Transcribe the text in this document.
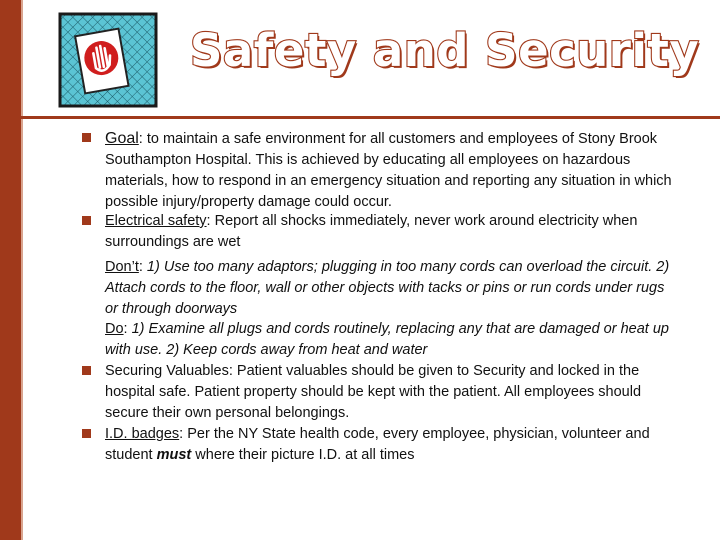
Safety and Security
Goal: to maintain a safe environment for all customers and employees of Stony Brook Southampton Hospital. This is achieved by educating all employees on hazardous materials, how to respond in an emergency situation and reporting any situation in which possible injury/property damage could occur.
Electrical safety: Report all shocks immediately, never work around electricity when surroundings are wet
Don’t: 1) Use too many adaptors; plugging in too many cords can overload the circuit. 2) Attach cords to the floor, wall or other objects with tacks or pins or run cords under rugs or through doorways
Do: 1) Examine all plugs and cords routinely, replacing any that are damaged or heat up with use. 2) Keep cords away from heat and water
Securing Valuables: Patient valuables should be given to Security and locked in the hospital safe. Patient property should be kept with the patient. All employees should secure their own personal belongings.
I.D. badges: Per the NY State health code, every employee, physician, volunteer and student must where their picture I.D. at all times
